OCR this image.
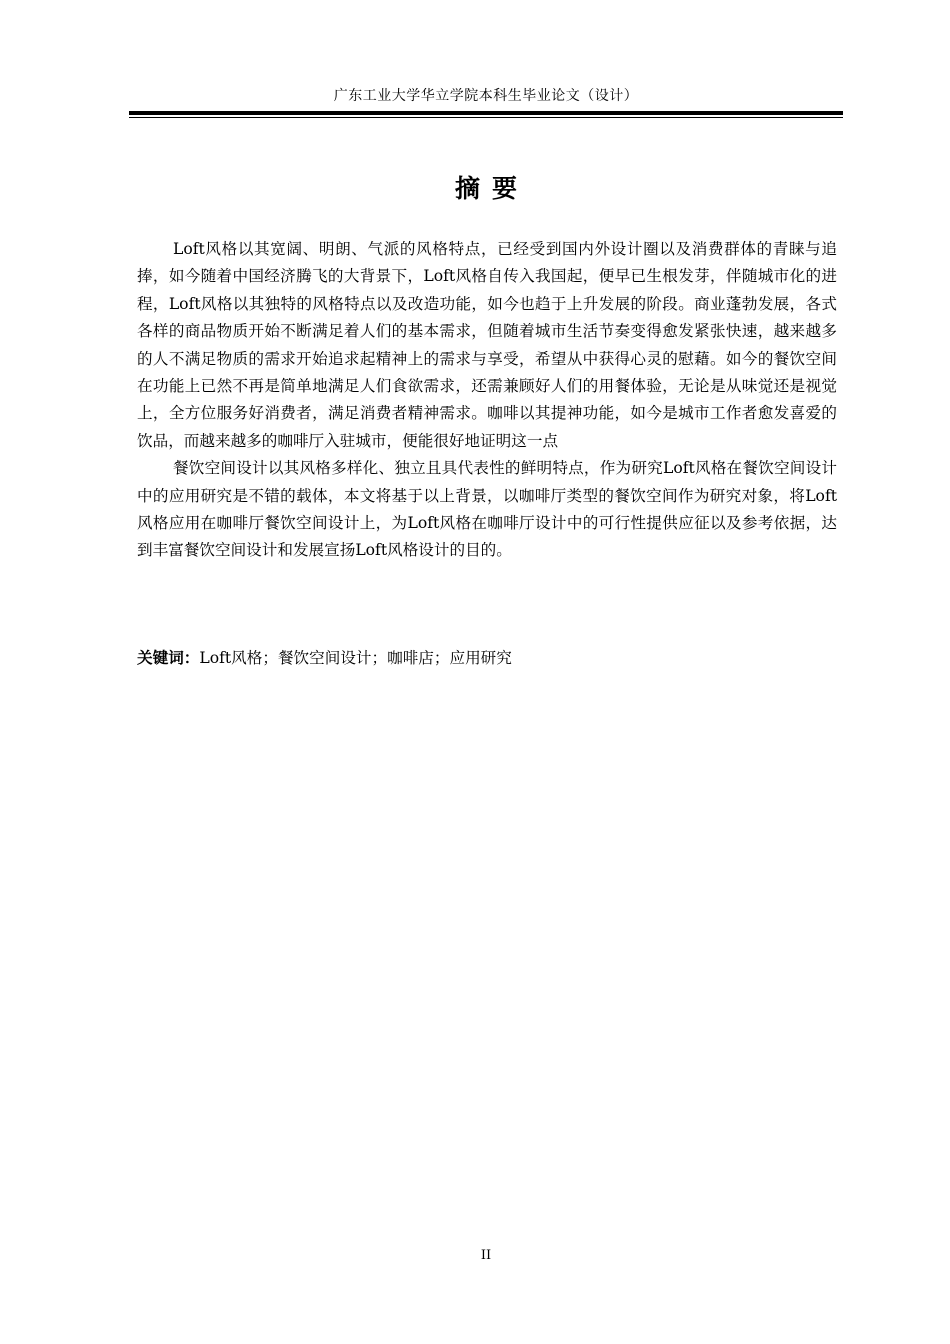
广东工业大学华立学院本科生毕业论文（设计）
摘要

Loft风格以其宽阔、明朗、气派的风格特点，已经受到国内外设计圈以及消费群体的青睐与追捧，如今随着中国经济腾飞的大背景下，Loft风格自传入我国起，便早已生根发芽，伴随城市化的进程，Loft风格以其独特的风格特点以及改造功能，如今也趋于上升发展的阶段。商业蓬勃发展，各式各样的商品物质开始不断满足着人们的基本需求，但随着城市生活节奏变得愈发紧张快速，越来越多的人不满足物质的需求开始追求起精神上的需求与享受，希望从中获得心灵的慰藉。如今的餐饮空间在功能上已然不再是简单地满足人们食欲需求，还需兼顾好人们的用餐体验，无论是从味觉还是视觉上，全方位服务好消费者，满足消费者精神需求。咖啡以其提神功能，如今是城市工作者愈发喜爱的饮品，而越来越多的咖啡厅入驻城市，便能很好地证明这一点

餐饮空间设计以其风格多样化、独立且具代表性的鲜明特点，作为研究Loft风格在餐饮空间设计中的应用研究是不错的载体，本文将基于以上背景，以咖啡厅类型的餐饮空间作为研究对象，将Loft风格应用在咖啡厅餐饮空间设计上，为Loft风格在咖啡厅设计中的可行性提供应征以及参考依据，达到丰富餐饮空间设计和发展宣扬Loft风格设计的目的。

关键词：Loft风格；餐饮空间设计；咖啡店；应用研究
II
